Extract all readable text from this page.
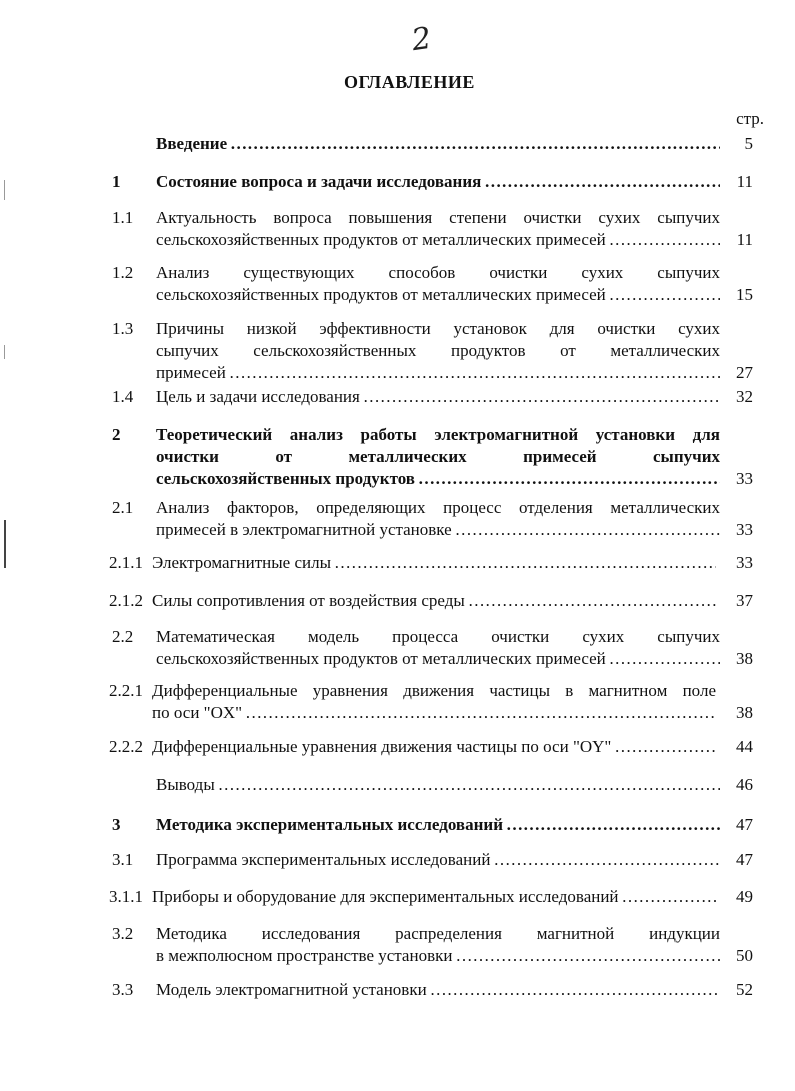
2
ОГЛАВЛЕНИЕ
стр.
Введение ……………………………………………………………………………………………………………	5
1 Состояние вопроса и задачи исследования ……………………………………………………………………………………………………………	11
1.1 Актуальность вопроса повышения степени очистки сухих сыпучих
сельскохозяйственных продуктов от металлических примесей …………………………………………………………………………………………………………………………………………	11
1.2 Анализ существующих способов очистки сухих сыпучих
сельскохозяйственных продуктов от металлических примесей …………………………………………………………………………………………………………………………………………	15
1.3 Причины низкой эффективности установок для очистки сухих
сыпучих сельскохозяйственных продуктов от металлических
примесей …………………………………………………………………………………………………………………………………………	27
1.4 Цель и задачи исследования …………………………………………………………………………………………………………………………………………	32
2 Теоретический анализ работы электромагнитной установки для
очистки от металлических примесей сыпучих
сельскохозяйственных продуктов ……………………………………………………………………………………………………………	33
2.1 Анализ факторов, определяющих процесс отделения металлических
примесей в электромагнитной установке …………………………………………………………………………………………………………………………………………	33
2.1.1 Электромагнитные силы …………………………………………………………………………………………………………………………………………	33
2.1.2 Силы сопротивления от воздействия среды …………………………………………………………………………………………………………………………………………	37
2.2 Математическая модель процесса очистки сухих сыпучих
сельскохозяйственных продуктов от металлических примесей …………………………………………………………………………………………………………………………………………	38
2.2.1 Дифференциальные уравнения движения частицы в магнитном поле
по оси "OX" …………………………………………………………………………………………………………………………………………	38
2.2.2 Дифференциальные уравнения движения частицы по оси "OY" …………………………………………………………………………………………………………………………………………	44
Выводы …………………………………………………………………………………………………………………………………………	46
3 Методика экспериментальных исследований ……………………………………………………………………………………………………………	47
3.1 Программа экспериментальных исследований …………………………………………………………………………………………………………………………………………	47
3.1.1 Приборы и оборудование для экспериментальных исследований …………………………………………………………………………………………………………………………………………	49
3.2 Методика исследования распределения магнитной индукции
в межполюсном пространстве установки …………………………………………………………………………………………………………………………………………	50
3.3 Модель электромагнитной установки …………………………………………………………………………………………………………………………………………	52
